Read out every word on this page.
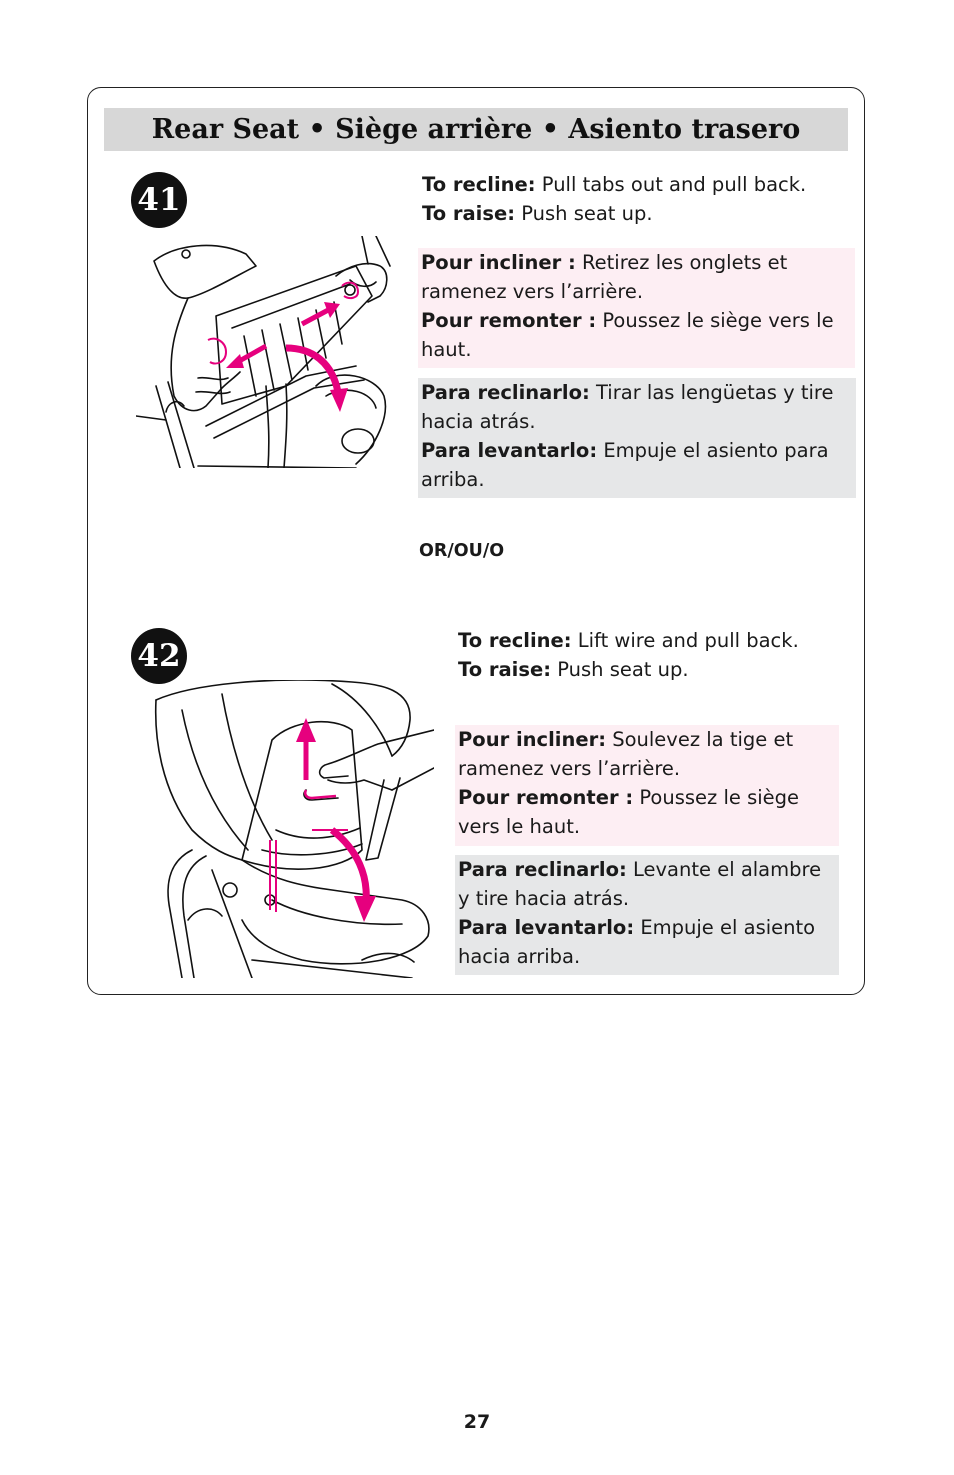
Rear Seat • Siège arrière • Asiento trasero
41	To recline: Pull tabs out and pull back.
To raise: Push seat up.
Pour incliner : Retirez les onglets et ramenez vers l’arrière.
Pour remonter : Poussez le siège vers le haut.
Para reclinarlo: Tirar las lengüetas y tire hacia atrás.
Para levantarlo: Empuje el asiento para arriba.
OR/OU/O
42	To recline: Lift wire and pull back.
To raise: Push seat up.
Pour incliner: Soulevez la tige et ramenez vers l’arrière.
Pour remonter : Poussez le siège vers le haut.
Para reclinarlo: Levante el alambre y tire hacia atrás.
Para levantarlo: Empuje el asiento hacia arriba.
27
